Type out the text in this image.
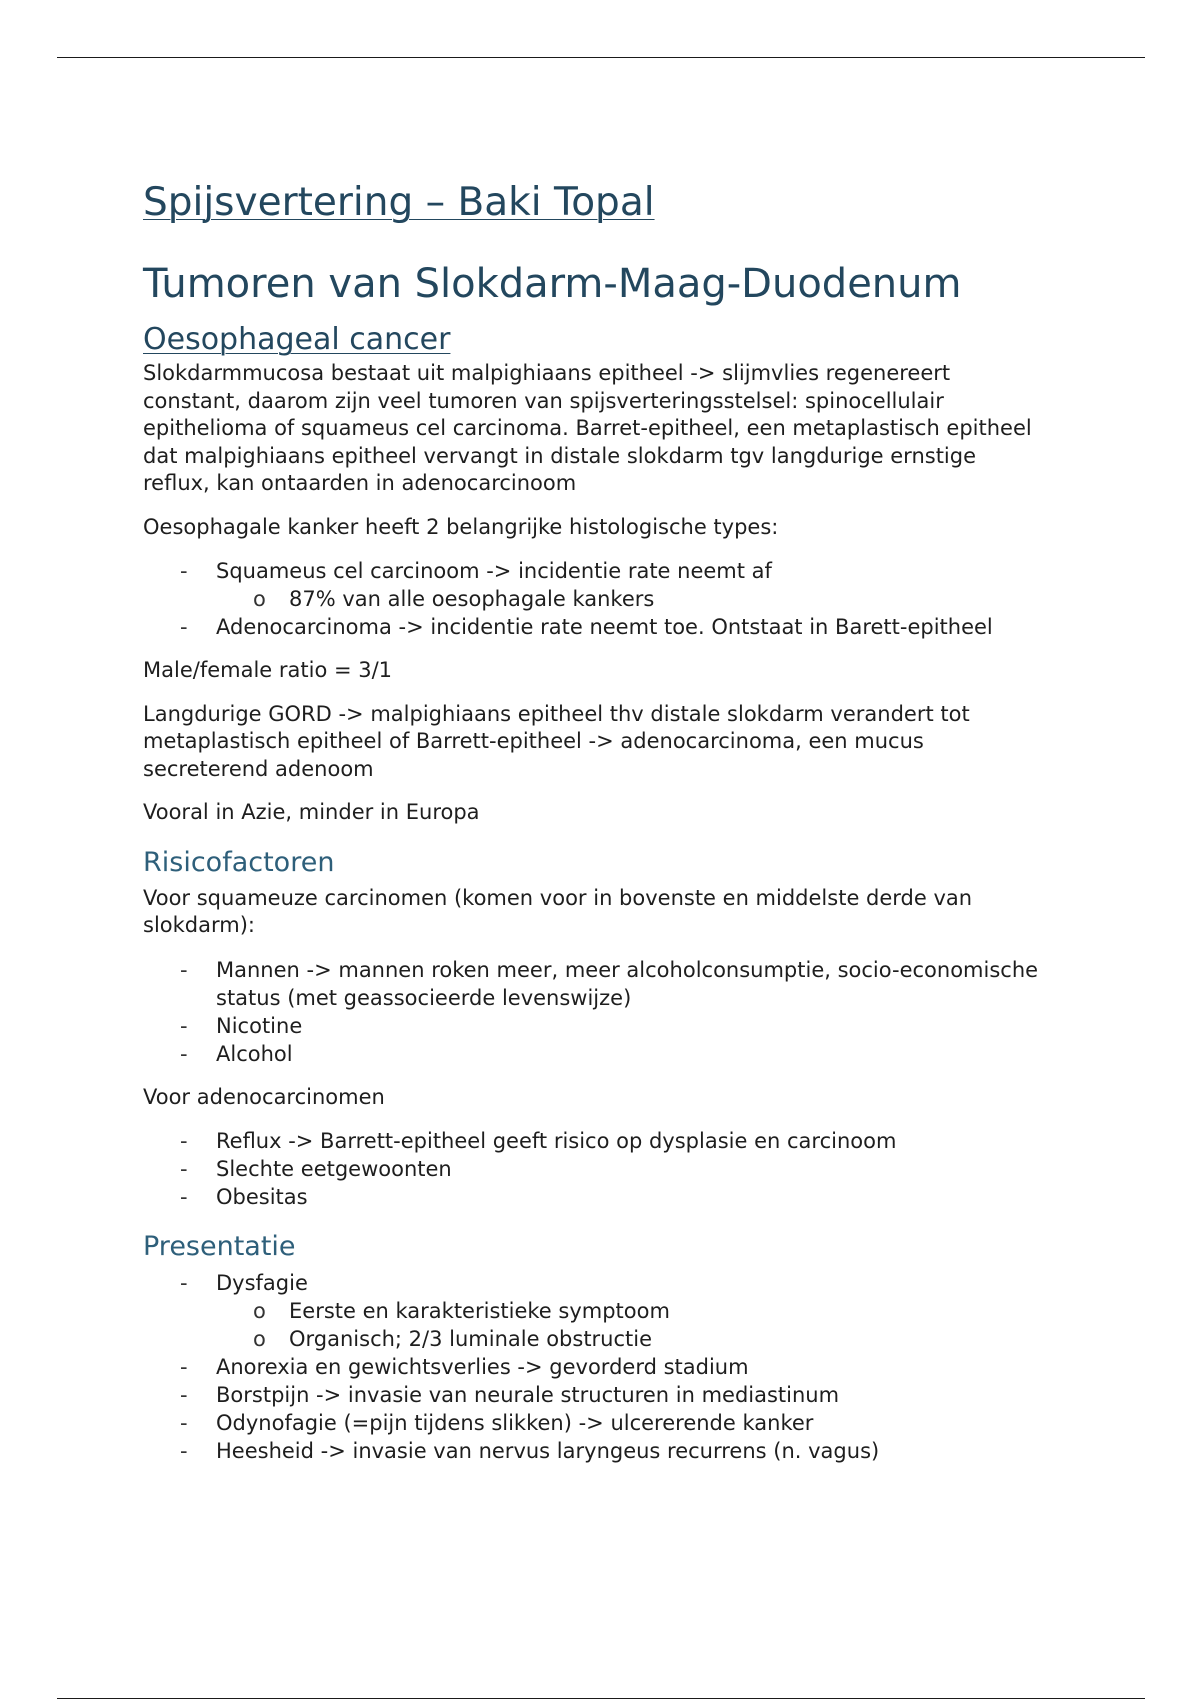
Spijsvertering – Baki Topal
Tumoren van Slokdarm-Maag-Duodenum
Oesophageal cancer

Slokdarmmucosa bestaat uit malpighiaans epitheel -> slijmvlies regenereert constant, daarom zijn veel tumoren van spijsverteringsstelsel: spinocellulair epithelioma of squameus cel carcinoma. Barret-epitheel, een metaplastisch epitheel dat malpighiaans epitheel vervangt in distale slokdarm tgv langdurige ernstige reflux, kan ontaarden in adenocarcinoom

Oesophagale kanker heeft 2 belangrijke histologische types:

- Squameus cel carcinoom -> incidentie rate neemt af
o 87% van alle oesophagale kankers
- Adenocarcinoma -> incidentie rate neemt toe. Ontstaat in Barett-epitheel

Male/female ratio = 3/1

Langdurige GORD -> malpighiaans epitheel thv distale slokdarm verandert tot metaplastisch epitheel of Barrett-epitheel -> adenocarcinoma, een mucus secreterend adenoom

Vooral in Azie, minder in Europa

Risicofactoren

Voor squameuze carcinomen (komen voor in bovenste en middelste derde van slokdarm):

- Mannen -> mannen roken meer, meer alcoholconsumptie, socio-economische status (met geassocieerde levenswijze)
- Nicotine
- Alcohol

Voor adenocarcinomen

- Reflux -> Barrett-epitheel geeft risico op dysplasie en carcinoom
- Slechte eetgewoonten
- Obesitas
Presentatie
- Dysfagie
o Eerste en karakteristieke symptoom
o Organisch; 2/3 luminale obstructie
- Anorexia en gewichtsverlies -> gevorderd stadium
- Borstpijn -> invasie van neurale structuren in mediastinum
- Odynofagie (=pijn tijdens slikken) -> ulcererende kanker
- Heesheid -> invasie van nervus laryngeus recurrens (n. vagus)
